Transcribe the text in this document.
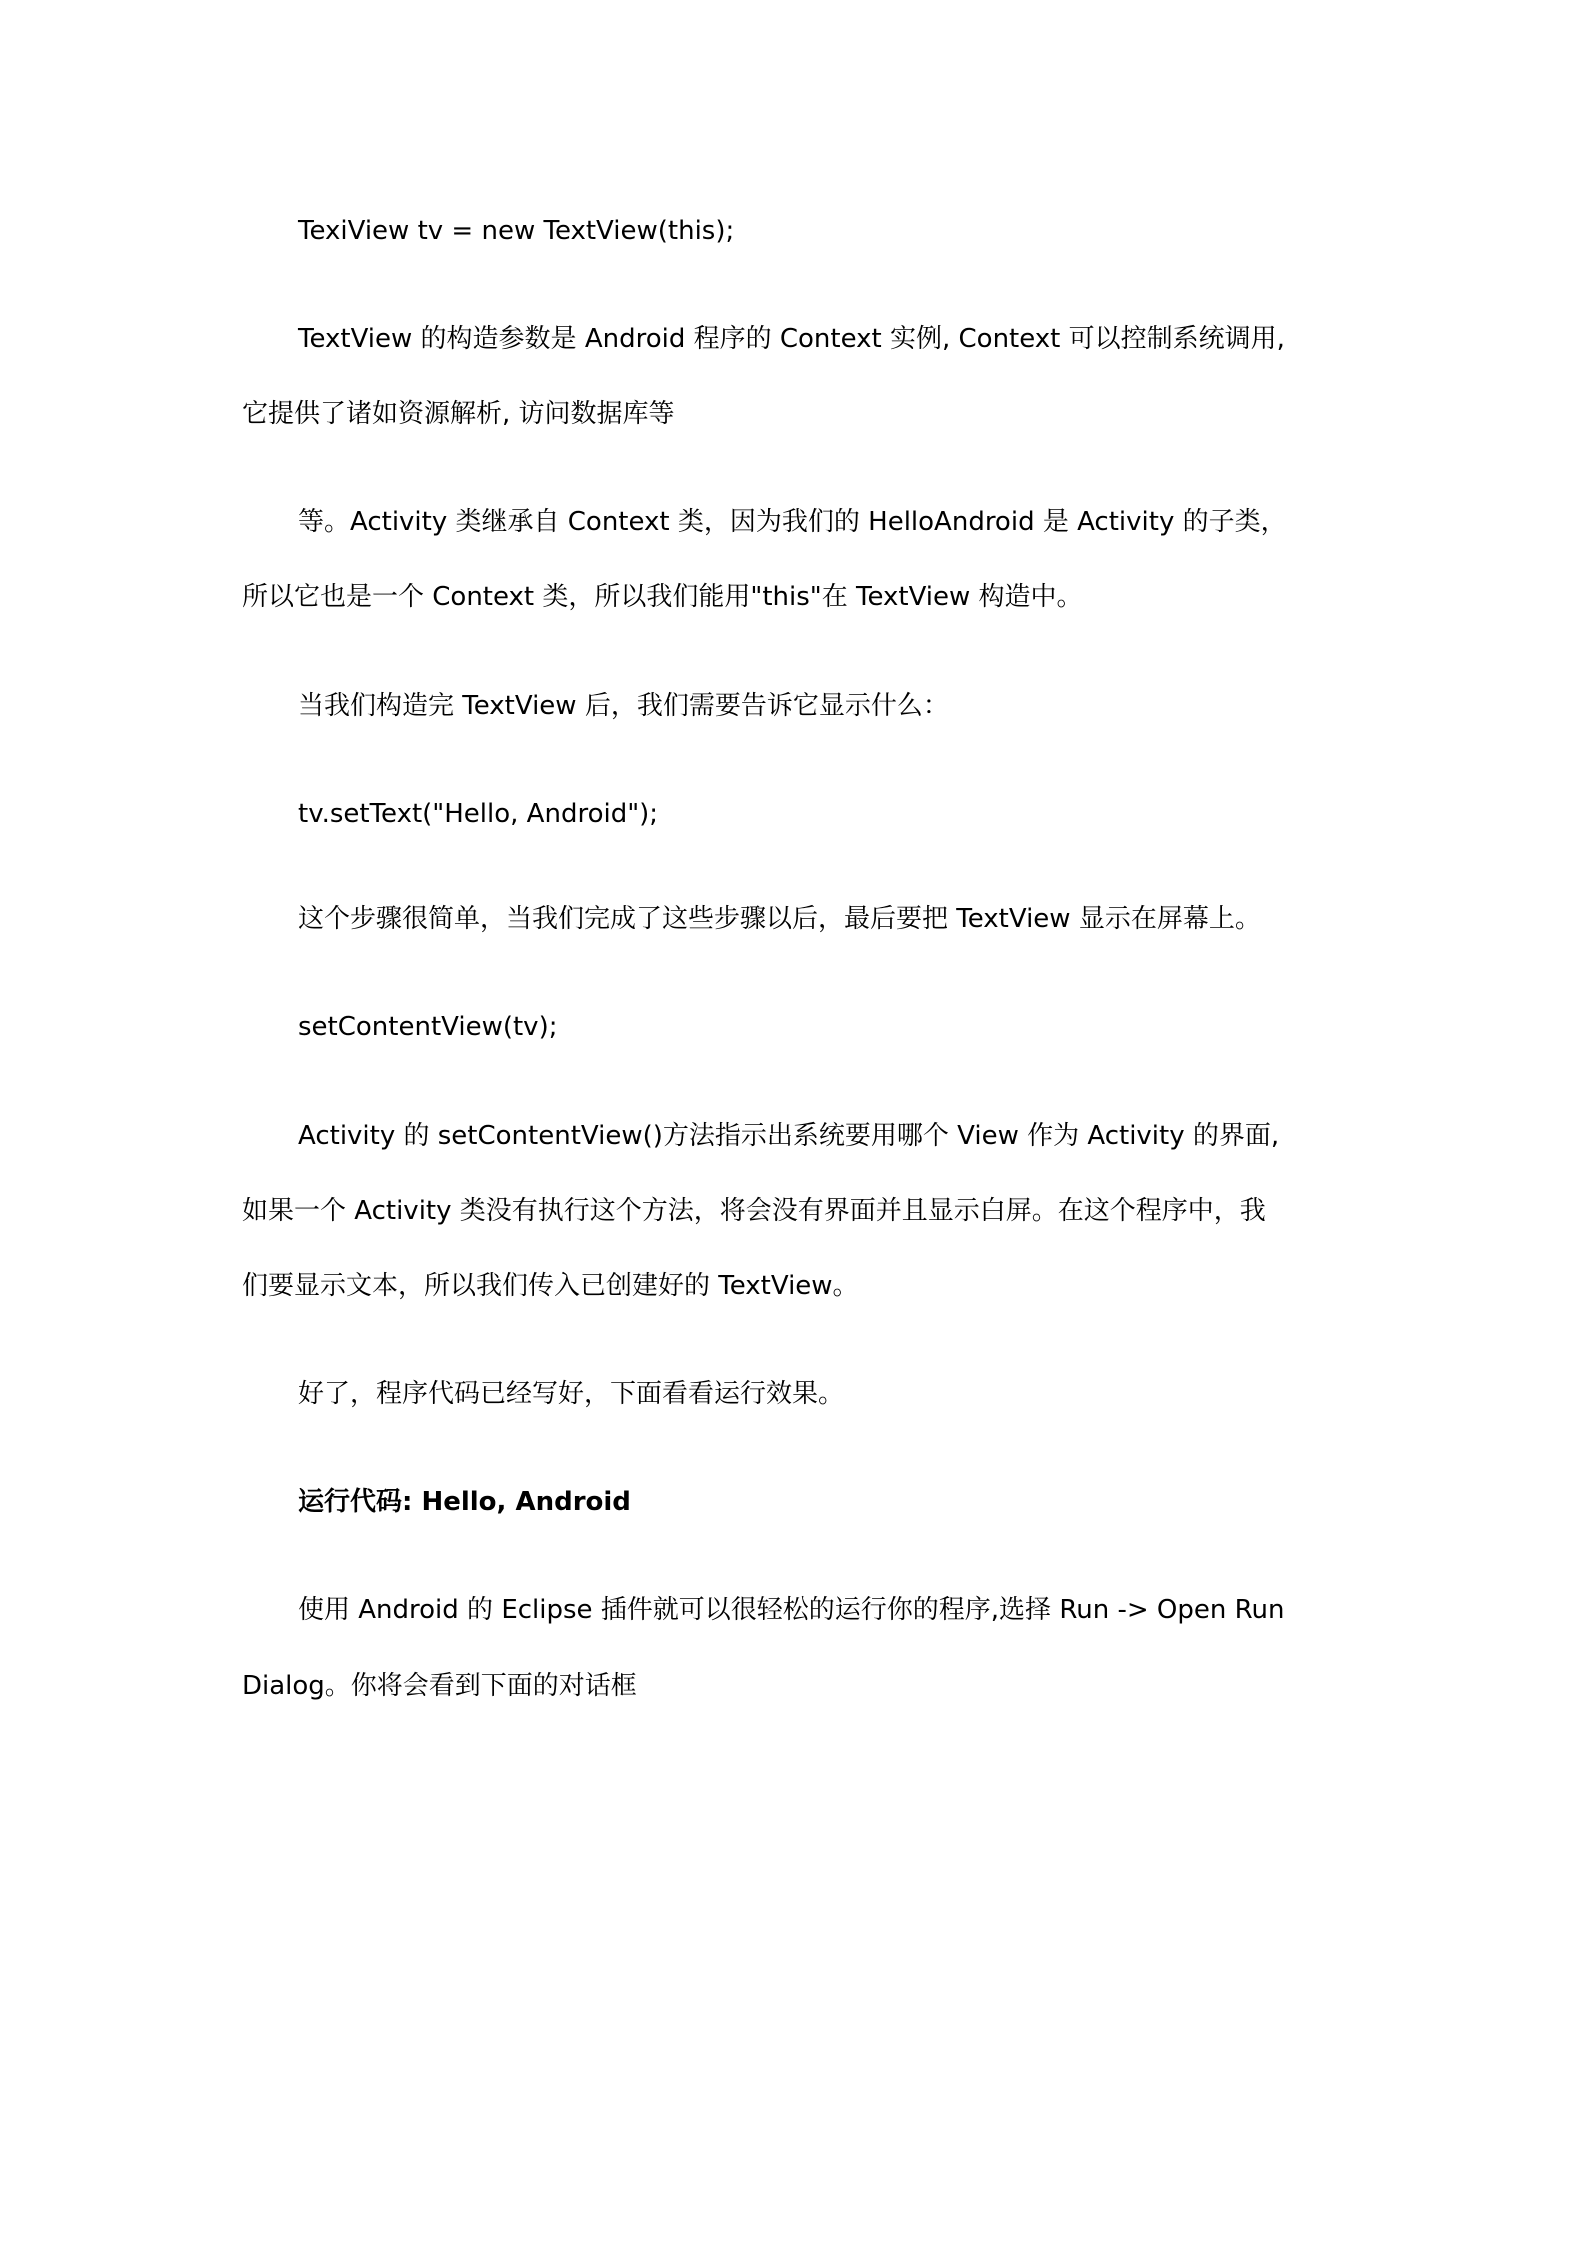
TexiView tv = new TextView(this);
TextView 的构造参数是 Android 程序的 Context 实例, Context 可以控制系统调用,
它提供了诸如资源解析, 访问数据库等
等。Activity 类继承自 Context 类，因为我们的 HelloAndroid 是 Activity 的子类，
所以它也是一个 Context 类，所以我们能用"this"在 TextView 构造中。
当我们构造完 TextView 后，我们需要告诉它显示什么：
tv.setText("Hello, Android");
这个步骤很简单，当我们完成了这些步骤以后，最后要把 TextView 显示在屏幕上。
setContentView(tv);
Activity 的 setContentView()方法指示出系统要用哪个 View 作为 Activity 的界面,
如果一个 Activity 类没有执行这个方法，将会没有界面并且显示白屏。在这个程序中，我
们要显示文本，所以我们传入已创建好的 TextView。
好了，程序代码已经写好，下面看看运行效果。
运行代码: Hello, Android
使用 Android 的 Eclipse 插件就可以很轻松的运行你的程序,选择 Run -> Open Run
Dialog。你将会看到下面的对话框
